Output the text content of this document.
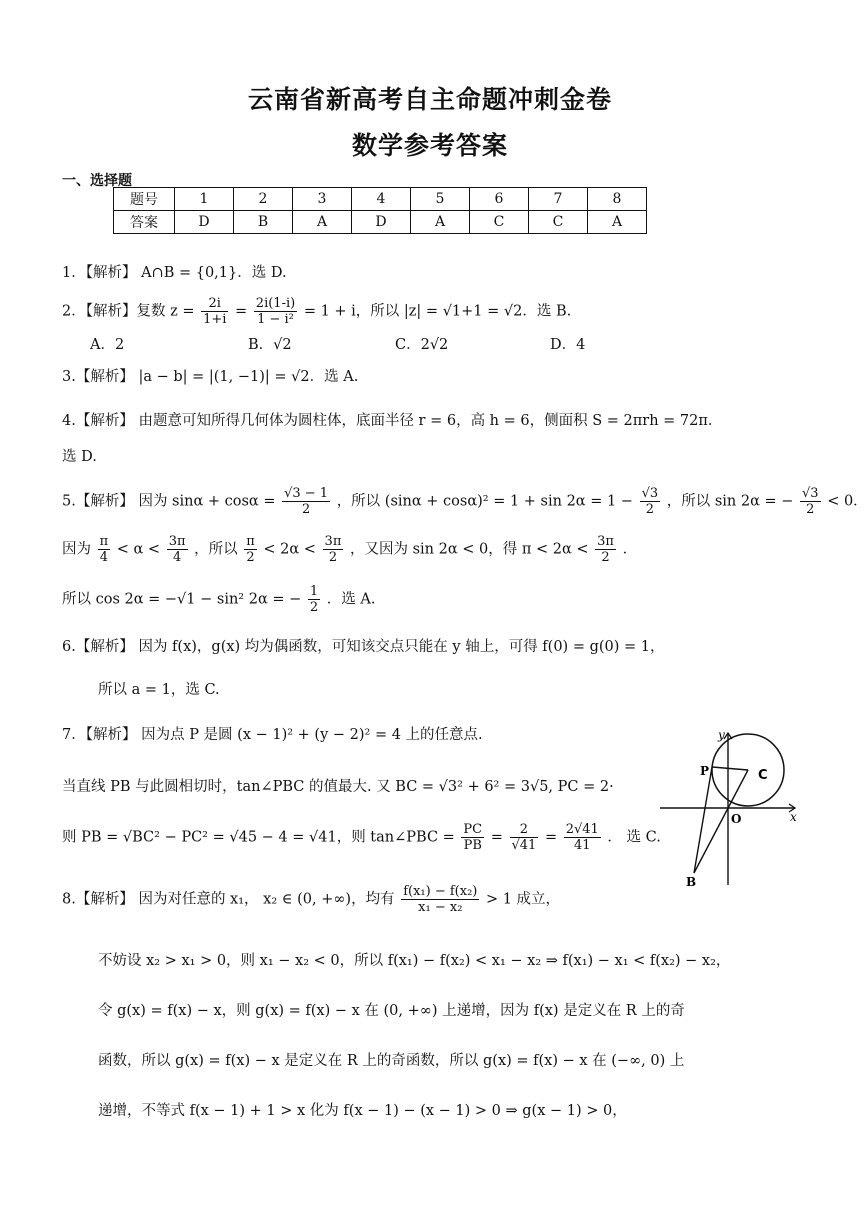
云南省新高考自主命题冲刺金卷
数学参考答案
一、选择题
题号	1	2	3	4	5	6	7	8
答案	D	B	A	D	A	C	C	A
1．【解析】 A∩B = {0,1}．选 D.
2．【解析】复数 $z = \frac{2i}{1+i} = \frac{2i(1-i)}{\text{1 − i²}} = 1 + i$，所以 |z| = √1+1 = √2．选 B.
A．2	B．√2	C．2√2	D．4
3.【解析】 |a − b| = |(1, −1)| = √2．选 A.
4.【解析】 由题意可知所得几何体为圆柱体，底面半径 r = 6，高 h = 6，侧面积 S = 2πrh = 72π．
选 D.
5.【解析】 因为 $\sin\alpha + \cos\alpha = \frac{√3 - 1}{2}$ ，所以 $(\sin\alpha + \cos\alpha)^2 = 1 + \sin 2\alpha = 1 - \frac{√3}{2}$ ，所以 sin 2α = − $\frac{√3}{2} < 0$．
因为 $\frac{\pi}{4} < \alpha < \frac{3\pi}{4}$ ，所以 $\frac{\pi}{2} < 2\alpha < \frac{3\pi}{2}$ ，又因为 sin 2α < 0，得 $\pi < 2\alpha < \frac{3\pi}{2}$ ．
所以 cos 2α = −√1 − sin² 2α = − $\frac{1}{2}$ ．选 A.
6.【解析】 因为 f(x)，g(x) 均为偶函数，可知该交点只能在 y 轴上，可得 f(0) = g(0) = 1，
所以 a = 1，选 C.
7．【解析】 因为点 P 是圆 (x − 1)² + (y − 2)² = 4 上的任意点.
当直线 PB 与此圆相切时，tan∠PBC 的值最大. 又 BC = √3² + 6² = 3√5, PC = 2·
则 PB = √BC² − PC² = √45 − 4 = √41，则 tan∠PBC = $\frac{PC}{PB} = \frac{2}{√41} = \frac{2√41}{41}$ ． 选 C.
y
x
P	C
O
B
8.【解析】 因为对任意的 x₁， x₂ ∈ (0, +∞)，均有 $\frac{\text{f(x₁) − f(x₂)}}{\text{x₁ − x₂}} > 1$ 成立，
不妨设 x₂ > x₁ > 0，则 x₁ − x₂ < 0，所以 f(x₁) − f(x₂) < x₁ − x₂ ⇒ f(x₁) − x₁ < f(x₂) − x₂，
令 g(x) = f(x) − x，则 g(x) = f(x) − x 在 (0, +∞) 上递增，因为 f(x) 是定义在 R 上的奇
函数，所以 g(x) = f(x) − x 是定义在 R 上的奇函数，所以 g(x) = f(x) − x 在 (−∞, 0) 上
递增，不等式 f(x − 1) + 1 > x 化为 f(x − 1) − (x − 1) > 0 ⇒ g(x − 1) > 0，
